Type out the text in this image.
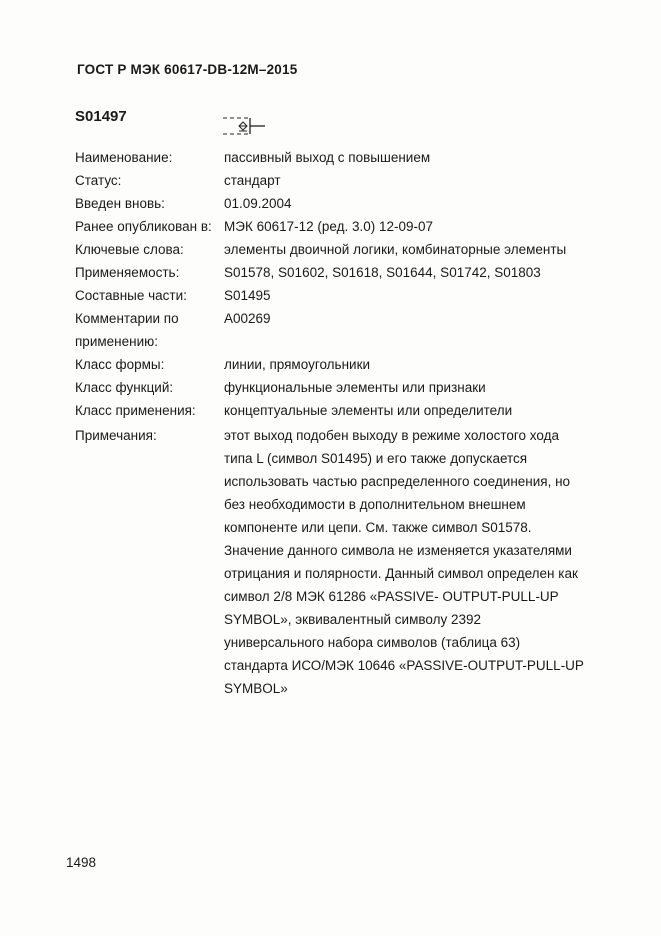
ГОСТ Р МЭК 60617-DB-12M–2015
S01497
Наименование:	пассивный выход с повышением
Статус:	стандарт
Введен вновь:	01.09.2004
Ранее опубликован в: МЭК 60617-12 (ред. 3.0) 12-09-07
Ключевые слова:	элементы двоичной логики, комбинаторные элементы
Применяемость:	S01578, S01602, S01618, S01644, S01742, S01803
Составные части:	S01495
Комментарии по	A00269
применению:
Класс формы:	линии, прямоугольники
Класс функций:	функциональные элементы или признаки
Класс применения: концептуальные элементы или определители
Примечания:	этот выход подобен выходу в режиме холостого хода
типа L (символ S01495) и его также допускается
использовать частью распределенного соединения, но
без необходимости в дополнительном внешнем
компоненте или цепи. См. также символ S01578.
Значение данного символа не изменяется указателями
отрицания и полярности. Данный символ определен как
символ 2/8 МЭК 61286 «PASSIVE- OUTPUT-PULL-UP
SYMBOL», эквивалентный символу 2392
универсального набора символов (таблица 63)
стандарта ИСО/МЭК 10646 «PASSIVE-OUTPUT-PULL-UP
SYMBOL»
1498
